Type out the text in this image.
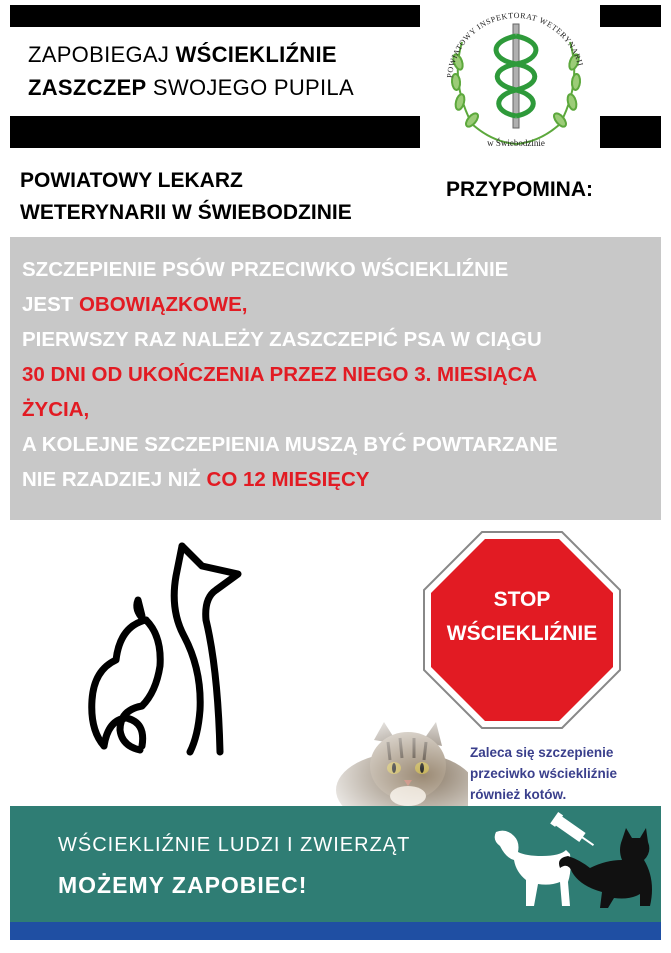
ZAPOBIEGAJ WŚCIEKLIŹNIE
ZASZCZEP SWOJEGO PUPILA	POWIATOWY INSPEKTORAT WETERYNARII
w Świebodzinie
POWIATOWY LEKARZ
WETERYNARII W ŚWIEBODZINIE
PRZYPOMINA:
SZCZEPIENIE PSÓW PRZECIWKO WŚCIEKLIŹNIE
JEST OBOWIĄZKOWE,
PIERWSZY RAZ NALEŻY ZASZCZEPIĆ PSA W CIĄGU
30 DNI OD UKOŃCZENIA PRZEZ NIEGO 3. MIESIĄCA
ŻYCIA,
A KOLEJNE SZCZEPIENIA MUSZĄ BYĆ POWTARZANE
NIE RZADZIEJ NIŻ CO 12 MIESIĘCY
STOP
WŚCIEKLIŹNIE
Zaleca się szczepienie
przeciwko wściekliźnie
również kotów.
WŚCIEKLIŹNIE LUDZI I ZWIERZĄT
MOŻEMY ZAPOBIEC!
